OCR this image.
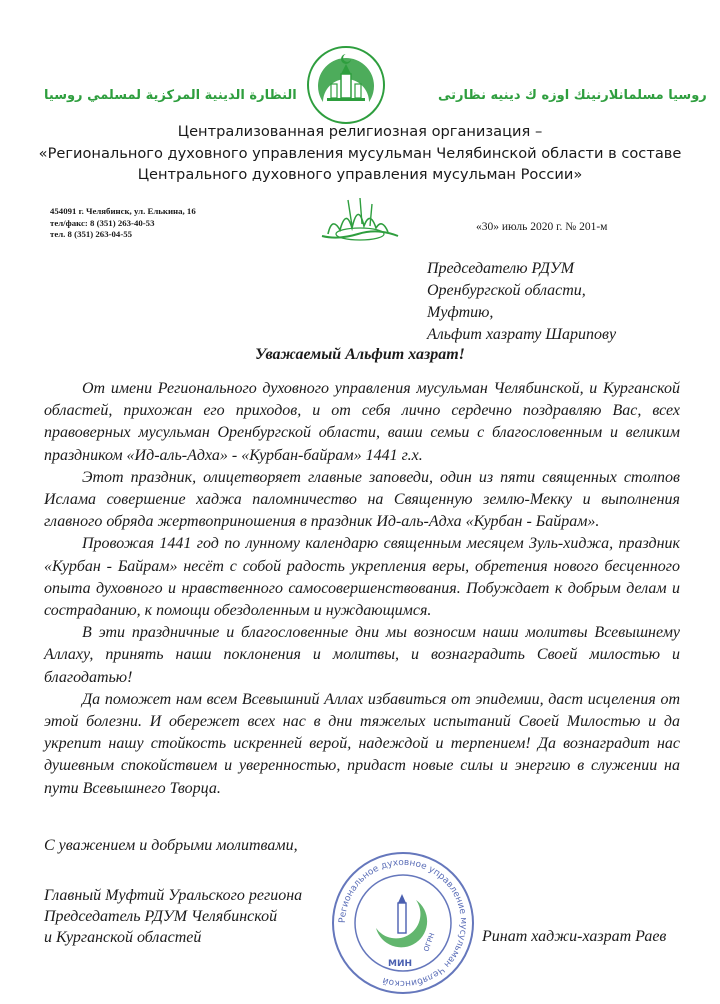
النظارة الدينية المركزية لمسلمي روسيا	روسيا مسلمانلارنينك اوزه ك دينيه نظارتى
Централизованная религиозная организация –
«Регионального духовного управления мусульман Челябинской области в составе
Центрального духовного управления мусульман России»
454091 г. Челябинск, ул. Елькина, 16
тел/факс: 8 (351) 263-40-53
тел. 8 (351) 263-04-55
«30» июль 2020 г. № 201-м
Председателю РДУМ
Оренбургской области,
Муфтию,
Альфит хазрату Шарипову
Уважаемый Альфит хазрат!

От имени Регионального духовного управления мусульман Челябинской, и Курганской областей, прихожан его приходов, и от себя лично сердечно поздравляю Вас, всех правоверных мусульман Оренбургской области, ваши семьи с благословенным и великим праздником «Ид-аль-Адха» - «Курбан-байрам» 1441 г.х.

Этот праздник, олицетворяет главные заповеди, один из пяти священных столпов Ислама совершение хаджа паломничество на Священную землю-Мекку и выполнения главного обряда жертвоприношения в праздник Ид-аль-Адха «Курбан - Байрам».

Провожая 1441 год по лунному календарю священным месяцем Зуль-хиджа, праздник «Курбан - Байрам» несёт с собой радость укрепления веры, обретения нового бесценного опыта духовного и нравственного самосовершенствования. Побуждает к добрым делам и состраданию, к помощи обездоленным и нуждающимся.

В эти праздничные и благословенные дни мы возносим наши молитвы Всевышнему Аллаху, принять наши поклонения и молитвы, и вознаградить Своей милостью и благодатью!

Да поможет нам всем Всевышний Аллах избавиться от эпидемии, даст исцеления от этой болезни. И обережет всех нас в дни тяжелых испытаний Своей Милостью и да укрепит нашу стойкость искренней верой, надеждой и терпением! Да вознаградит нас душевным спокойствием и уверенностью, придаст новые силы и энергию в служении на пути Всевышнего Творца.

С уважением и добрыми молитвами,
Главный Муфтий Уральского региона
Председатель РДУМ Челябинской
и Курганской областей
Региональное духовное управление мусульман Челябинской
МИН
ОГРН	Ринат хаджи-хазрат Раев
